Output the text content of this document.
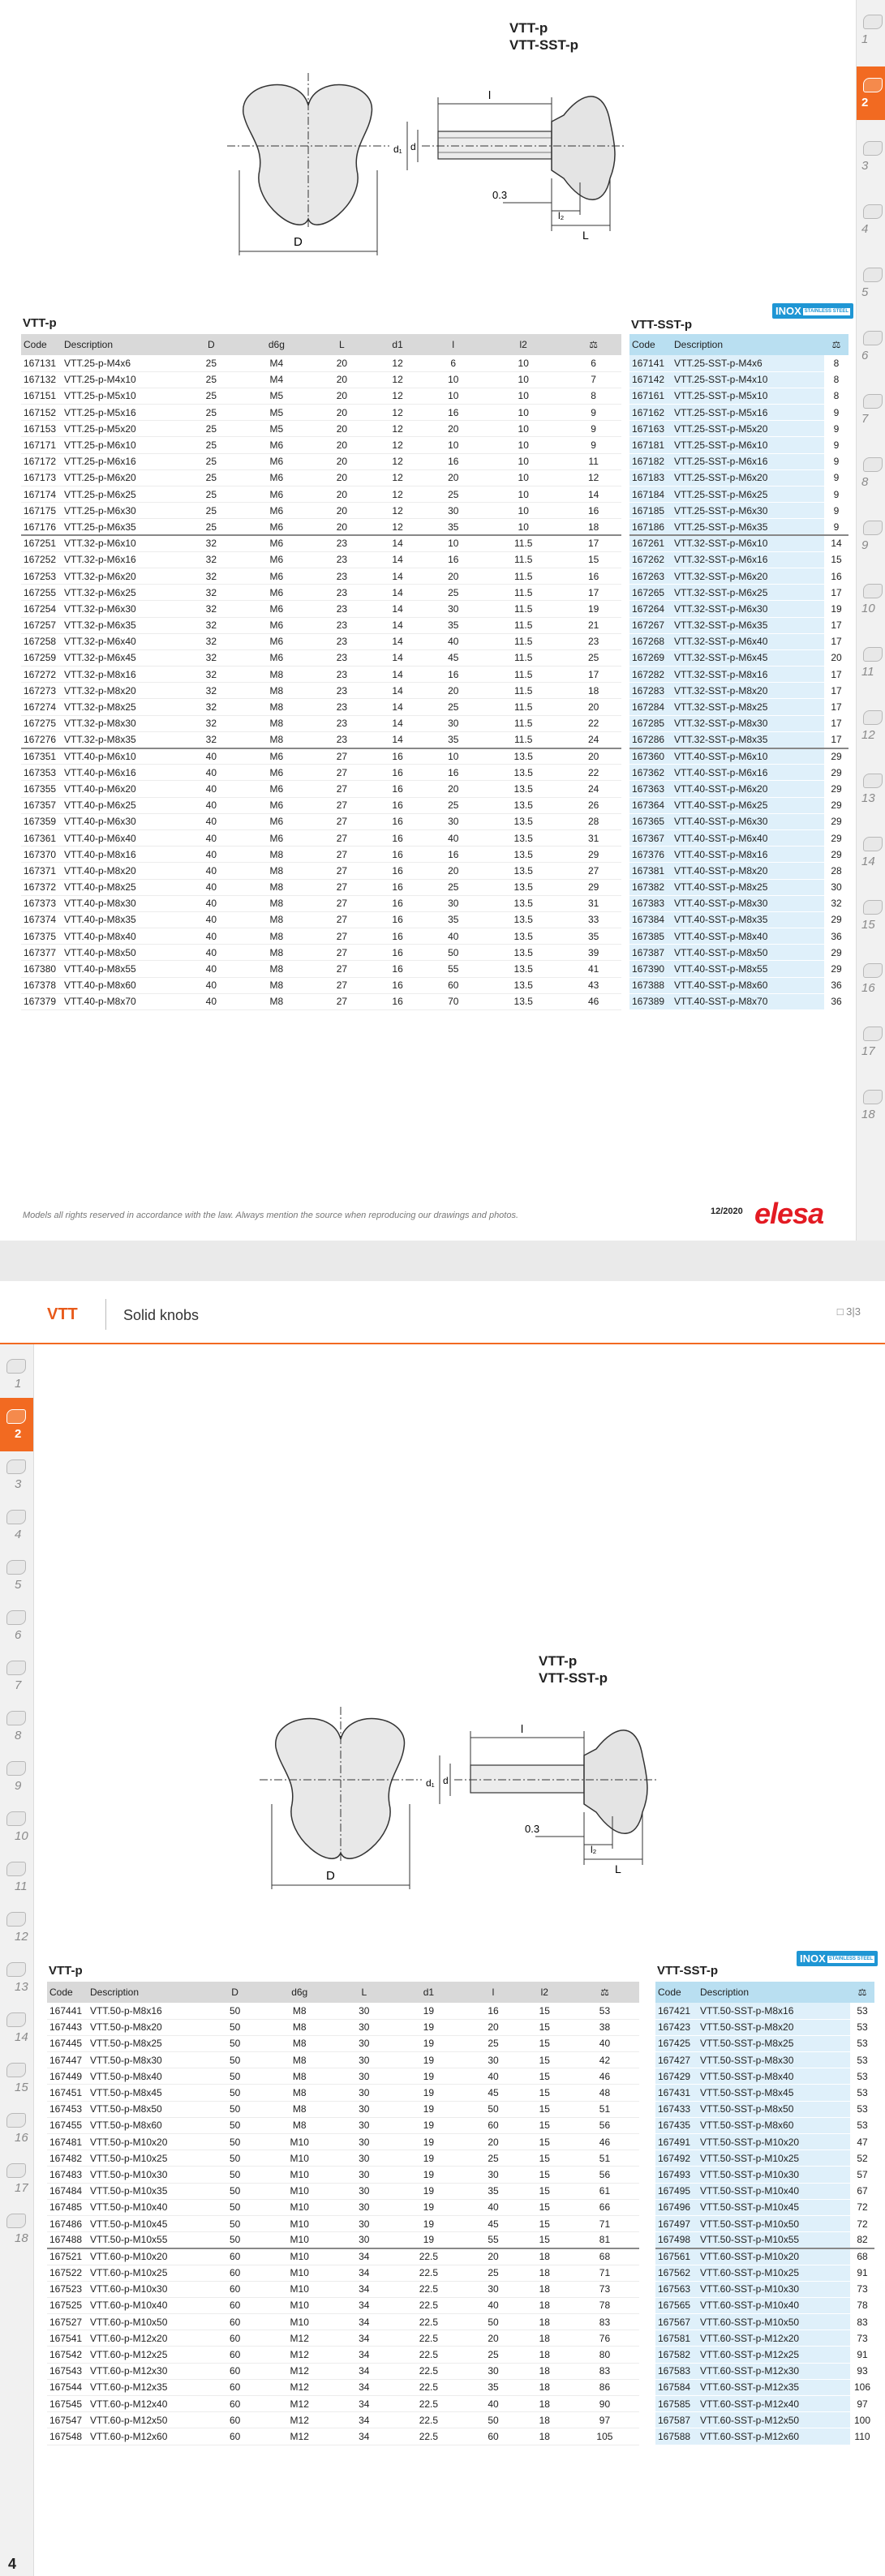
1
2
3
4
5
6
7
8
9
10
11
12
13
14
15
16
17
18
VTT-p
VTT-SST-p
D
l
d₁ d
l₂
L
0.3
VTT-p
Code	Description	D	d6g	L	d1	l	l2	⚖
167131	VTT.25-p-M4x6	25	M4	20	12	6	10	6
167132	VTT.25-p-M4x10	25	M4	20	12	10	10	7
167151	VTT.25-p-M5x10	25	M5	20	12	10	10	8
167152	VTT.25-p-M5x16	25	M5	20	12	16	10	9
167153	VTT.25-p-M5x20	25	M5	20	12	20	10	9
167171	VTT.25-p-M6x10	25	M6	20	12	10	10	9
167172	VTT.25-p-M6x16	25	M6	20	12	16	10	11
167173	VTT.25-p-M6x20	25	M6	20	12	20	10	12
167174	VTT.25-p-M6x25	25	M6	20	12	25	10	14
167175	VTT.25-p-M6x30	25	M6	20	12	30	10	16
167176	VTT.25-p-M6x35	25	M6	20	12	35	10	18
167251	VTT.32-p-M6x10	32	M6	23	14	10	11.5	17
167252	VTT.32-p-M6x16	32	M6	23	14	16	11.5	15
167253	VTT.32-p-M6x20	32	M6	23	14	20	11.5	16
167255	VTT.32-p-M6x25	32	M6	23	14	25	11.5	17
167254	VTT.32-p-M6x30	32	M6	23	14	30	11.5	19
167257	VTT.32-p-M6x35	32	M6	23	14	35	11.5	21
167258	VTT.32-p-M6x40	32	M6	23	14	40	11.5	23
167259	VTT.32-p-M6x45	32	M6	23	14	45	11.5	25
167272	VTT.32-p-M8x16	32	M8	23	14	16	11.5	17
167273	VTT.32-p-M8x20	32	M8	23	14	20	11.5	18
167274	VTT.32-p-M8x25	32	M8	23	14	25	11.5	20
167275	VTT.32-p-M8x30	32	M8	23	14	30	11.5	22
167276	VTT.32-p-M8x35	32	M8	23	14	35	11.5	24
167351	VTT.40-p-M6x10	40	M6	27	16	10	13.5	20
167353	VTT.40-p-M6x16	40	M6	27	16	16	13.5	22
167355	VTT.40-p-M6x20	40	M6	27	16	20	13.5	24
167357	VTT.40-p-M6x25	40	M6	27	16	25	13.5	26
167359	VTT.40-p-M6x30	40	M6	27	16	30	13.5	28
167361	VTT.40-p-M6x40	40	M6	27	16	40	13.5	31
167370	VTT.40-p-M8x16	40	M8	27	16	16	13.5	29
167371	VTT.40-p-M8x20	40	M8	27	16	20	13.5	27
167372	VTT.40-p-M8x25	40	M8	27	16	25	13.5	29
167373	VTT.40-p-M8x30	40	M8	27	16	30	13.5	31
167374	VTT.40-p-M8x35	40	M8	27	16	35	13.5	33
167375	VTT.40-p-M8x40	40	M8	27	16	40	13.5	35
167377	VTT.40-p-M8x50	40	M8	27	16	50	13.5	39
167380	VTT.40-p-M8x55	40	M8	27	16	55	13.5	41
167378	VTT.40-p-M8x60	40	M8	27	16	60	13.5	43
167379	VTT.40-p-M8x70	40	M8	27	16	70	13.5	46
VTT-SST-p
INOX STAINLESS STEEL
Code	Description	⚖
167141	VTT.25-SST-p-M4x6	8
167142	VTT.25-SST-p-M4x10	8
167161	VTT.25-SST-p-M5x10	8
167162	VTT.25-SST-p-M5x16	9
167163	VTT.25-SST-p-M5x20	9
167181	VTT.25-SST-p-M6x10	9
167182	VTT.25-SST-p-M6x16	9
167183	VTT.25-SST-p-M6x20	9
167184	VTT.25-SST-p-M6x25	9
167185	VTT.25-SST-p-M6x30	9
167186	VTT.25-SST-p-M6x35	9
167261	VTT.32-SST-p-M6x10	14
167262	VTT.32-SST-p-M6x16	15
167263	VTT.32-SST-p-M6x20	16
167265	VTT.32-SST-p-M6x25	17
167264	VTT.32-SST-p-M6x30	19
167267	VTT.32-SST-p-M6x35	17
167268	VTT.32-SST-p-M6x40	17
167269	VTT.32-SST-p-M6x45	20
167282	VTT.32-SST-p-M8x16	17
167283	VTT.32-SST-p-M8x20	17
167284	VTT.32-SST-p-M8x25	17
167285	VTT.32-SST-p-M8x30	17
167286	VTT.32-SST-p-M8x35	17
167360	VTT.40-SST-p-M6x10	29
167362	VTT.40-SST-p-M6x16	29
167363	VTT.40-SST-p-M6x20	29
167364	VTT.40-SST-p-M6x25	29
167365	VTT.40-SST-p-M6x30	29
167367	VTT.40-SST-p-M6x40	29
167376	VTT.40-SST-p-M8x16	29
167381	VTT.40-SST-p-M8x20	28
167382	VTT.40-SST-p-M8x25	30
167383	VTT.40-SST-p-M8x30	32
167384	VTT.40-SST-p-M8x35	29
167385	VTT.40-SST-p-M8x40	36
167387	VTT.40-SST-p-M8x50	29
167390	VTT.40-SST-p-M8x55	29
167388	VTT.40-SST-p-M8x60	36
167389	VTT.40-SST-p-M8x70	36
Models all rights reserved in accordance with the law. Always mention the source when reproducing our drawings and photos.	12/2020 elesa
VTT	Solid knobs	□ 3|3
1
2
3
4
5
6
7
8
9
10
11
12
13
14
15
16
17
18
VTT-p
VTT-SST-p
D
l
d₁ d
l₂
L
0.3
VTT-p
Code	Description	D	d6g	L	d1	l	l2	⚖
167441	VTT.50-p-M8x16	50	M8	30	19	16	15	53
167443	VTT.50-p-M8x20	50	M8	30	19	20	15	38
167445	VTT.50-p-M8x25	50	M8	30	19	25	15	40
167447	VTT.50-p-M8x30	50	M8	30	19	30	15	42
167449	VTT.50-p-M8x40	50	M8	30	19	40	15	46
167451	VTT.50-p-M8x45	50	M8	30	19	45	15	48
167453	VTT.50-p-M8x50	50	M8	30	19	50	15	51
167455	VTT.50-p-M8x60	50	M8	30	19	60	15	56
167481	VTT.50-p-M10x20	50	M10	30	19	20	15	46
167482	VTT.50-p-M10x25	50	M10	30	19	25	15	51
167483	VTT.50-p-M10x30	50	M10	30	19	30	15	56
167484	VTT.50-p-M10x35	50	M10	30	19	35	15	61
167485	VTT.50-p-M10x40	50	M10	30	19	40	15	66
167486	VTT.50-p-M10x45	50	M10	30	19	45	15	71
167488	VTT.50-p-M10x55	50	M10	30	19	55	15	81
167521	VTT.60-p-M10x20	60	M10	34	22.5	20	18	68
167522	VTT.60-p-M10x25	60	M10	34	22.5	25	18	71
167523	VTT.60-p-M10x30	60	M10	34	22.5	30	18	73
167525	VTT.60-p-M10x40	60	M10	34	22.5	40	18	78
167527	VTT.60-p-M10x50	60	M10	34	22.5	50	18	83
167541	VTT.60-p-M12x20	60	M12	34	22.5	20	18	76
167542	VTT.60-p-M12x25	60	M12	34	22.5	25	18	80
167543	VTT.60-p-M12x30	60	M12	34	22.5	30	18	83
167544	VTT.60-p-M12x35	60	M12	34	22.5	35	18	86
167545	VTT.60-p-M12x40	60	M12	34	22.5	40	18	90
167547	VTT.60-p-M12x50	60	M12	34	22.5	50	18	97
167548	VTT.60-p-M12x60	60	M12	34	22.5	60	18	105
VTT-SST-p
INOX STAINLESS STEEL
Code	Description	⚖
167421	VTT.50-SST-p-M8x16	53
167423	VTT.50-SST-p-M8x20	53
167425	VTT.50-SST-p-M8x25	53
167427	VTT.50-SST-p-M8x30	53
167429	VTT.50-SST-p-M8x40	53
167431	VTT.50-SST-p-M8x45	53
167433	VTT.50-SST-p-M8x50	53
167435	VTT.50-SST-p-M8x60	53
167491	VTT.50-SST-p-M10x20	47
167492	VTT.50-SST-p-M10x25	52
167493	VTT.50-SST-p-M10x30	57
167495	VTT.50-SST-p-M10x40	67
167496	VTT.50-SST-p-M10x45	72
167497	VTT.50-SST-p-M10x50	72
167498	VTT.50-SST-p-M10x55	82
167561	VTT.60-SST-p-M10x20	68
167562	VTT.60-SST-p-M10x25	91
167563	VTT.60-SST-p-M10x30	73
167565	VTT.60-SST-p-M10x40	78
167567	VTT.60-SST-p-M10x50	83
167581	VTT.60-SST-p-M12x20	73
167582	VTT.60-SST-p-M12x25	91
167583	VTT.60-SST-p-M12x30	93
167584	VTT.60-SST-p-M12x35	106
167585	VTT.60-SST-p-M12x40	97
167587	VTT.60-SST-p-M12x50	100
167588	VTT.60-SST-p-M12x60	110
4
